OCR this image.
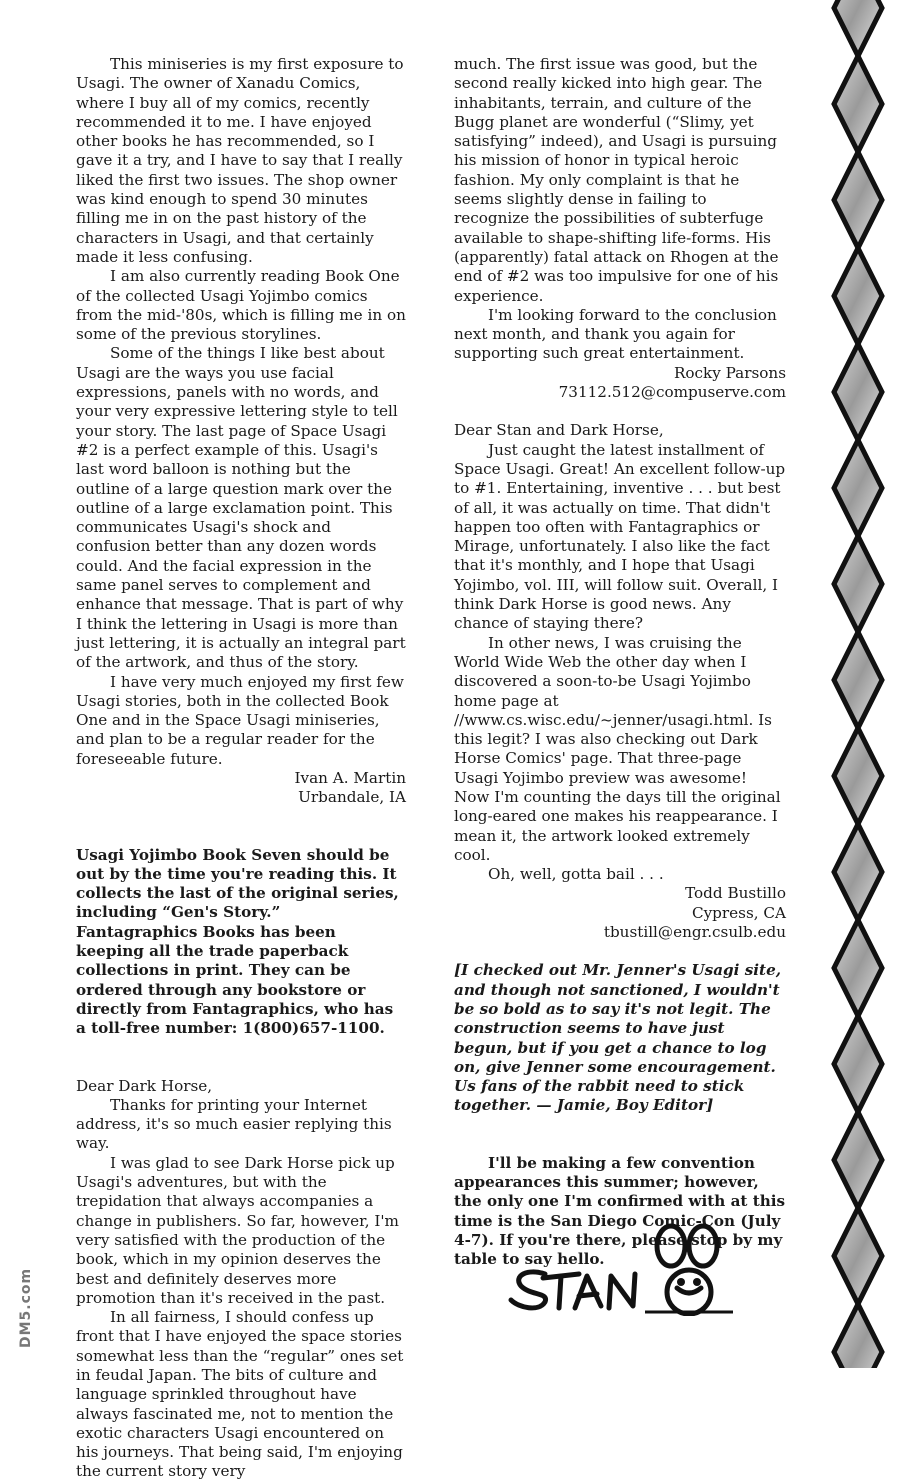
This miniseries is my first exposure to Usagi. The owner of Xanadu Comics, where I buy all of my comics, recently recommended it to me. I have enjoyed other books he has recommended, so I gave it a try, and I have to say that I really liked the first two issues. The shop owner was kind enough to spend 30 minutes filling me in on the past history of the characters in Usagi, and that certainly made it less confusing.

I am also currently reading Book One of the collected Usagi Yojimbo comics from the mid-'80s, which is filling me in on some of the previous storylines.

Some of the things I like best about Usagi are the ways you use facial expressions, panels with no words, and your very expressive lettering style to tell your story. The last page of Space Usagi #2 is a perfect example of this. Usagi's last word balloon is nothing but the outline of a large question mark over the outline of a large exclamation point. This communicates Usagi's shock and confusion better than any dozen words could. And the facial expression in the same panel serves to complement and enhance that message. That is part of why I think the lettering in Usagi is more than just lettering, it is actually an integral part of the artwork, and thus of the story.

I have very much enjoyed my first few Usagi stories, both in the collected Book One and in the Space Usagi miniseries, and plan to be a regular reader for the foreseeable future.

Ivan A. Martin

Urbandale, IA

Usagi Yojimbo Book Seven should be out by the time you're reading this. It collects the last of the original series, including “Gen's Story.” Fantagraphics Books has been keeping all the trade paperback collections in print. They can be ordered through any bookstore or directly from Fantagraphics, who has a toll-free number: 1(800)657-1100.

Dear Dark Horse,

Thanks for printing your Internet address, it's so much easier replying this way.

I was glad to see Dark Horse pick up Usagi's adventures, but with the trepidation that always accompanies a change in publishers. So far, however, I'm very satisfied with the production of the book, which in my opinion deserves the best and definitely deserves more promotion than it's received in the past.

In all fairness, I should confess up front that I have enjoyed the space stories somewhat less than the “regular” ones set in feudal Japan. The bits of culture and language sprinkled throughout have always fascinated me, not to mention the exotic characters Usagi encountered on his journeys. That being said, I'm enjoying the current story very

much. The first issue was good, but the second really kicked into high gear. The inhabitants, terrain, and culture of the Bugg planet are wonderful (“Slimy, yet satisfying” indeed), and Usagi is pursuing his mission of honor in typical heroic fashion. My only complaint is that he seems slightly dense in failing to recognize the possibilities of subterfuge available to shape-shifting life-forms. His (apparently) fatal attack on Rhogen at the end of #2 was too impulsive for one of his experience.

I'm looking forward to the conclusion next month, and thank you again for supporting such great entertainment.

Rocky Parsons

73112.512@compuserve.com

Dear Stan and Dark Horse,

Just caught the latest installment of Space Usagi. Great! An excellent follow-up to #1. Entertaining, inventive . . . but best of all, it was actually on time. That didn't happen too often with Fantagraphics or Mirage, unfortunately. I also like the fact that it's monthly, and I hope that Usagi Yojimbo, vol. III, will follow suit. Overall, I think Dark Horse is good news. Any chance of staying there?

In other news, I was cruising the World Wide Web the other day when I discovered a soon-to-be Usagi Yojimbo home page at //www.cs.wisc.edu/~jenner/usagi.html. Is this legit? I was also checking out Dark Horse Comics' page. That three-page Usagi Yojimbo preview was awesome! Now I'm counting the days till the original long-eared one makes his reappearance. I mean it, the artwork looked extremely cool.

Oh, well, gotta bail . . .

Todd Bustillo

Cypress, CA

tbustill@engr.csulb.edu

[I checked out Mr. Jenner's Usagi site, and though not sanctioned, I wouldn't be so bold as to say it's not legit. The construction seems to have just begun, but if you get a chance to log on, give Jenner some encouragement. Us fans of the rabbit need to stick together. — Jamie, Boy Editor]

I'll be making a few convention appearances this summer; however, the only one I'm confirmed with at this time is the San Diego Comic-Con (July 4-7). If you're there, please stop by my table to say hello.

DM5.com
